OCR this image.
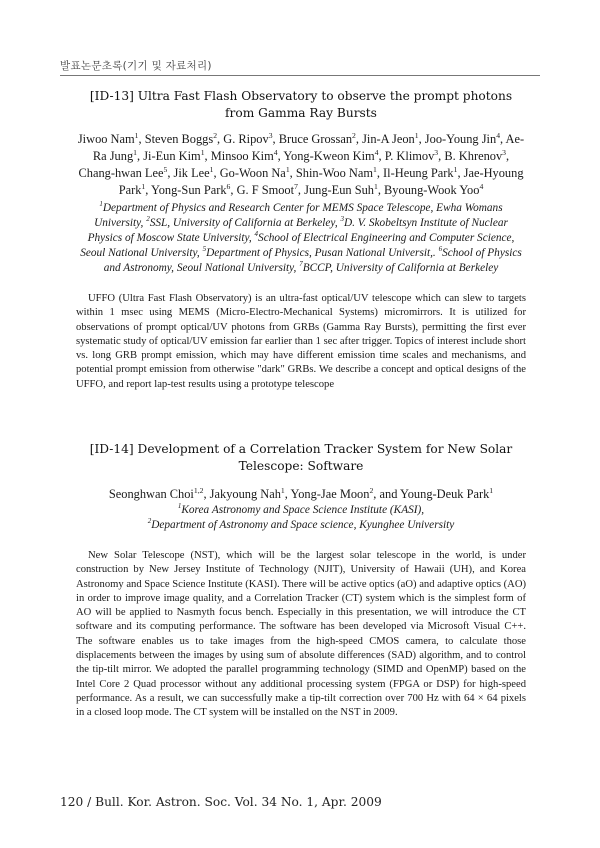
발표논문초록(기기 및 자료처리)
[ID-13] Ultra Fast Flash Observatory to observe the prompt photons from Gamma Ray Bursts

Jiwoo Nam$^1$, Steven Boggs$^2$, G. Ripov$^3$, Bruce Grossan$^2$, Jin-A Jeon$^1$, Joo-Young Jin$^4$, Ae-Ra Jung$^1$, Ji-Eun Kim$^1$, Minsoo Kim$^4$, Yong-Kweon Kim$^4$, P. Klimov$^3$, B. Khrenov$^3$, Chang-hwan Lee$^5$, Jik Lee$^1$, Go-Woon Na$^1$, Shin-Woo Nam$^1$, Il-Heung Park$^1$, Jae-Hyoung Park$^1$, Yong-Sun Park$^6$, G. F Smoot$^7$, Jung-Eun Suh$^1$, Byoung-Wook Yoo$^4$

$^1$Department of Physics and Research Center for MEMS Space Telescope, Ewha Womans University, $^2$SSL, University of California at Berkeley, $^3$D. V. Skobeltsyn Institute of Nuclear Physics of Moscow State University, $^4$School of Electrical Engineering and Computer Science, Seoul National University, $^5$Department of Physics, Pusan National Universit,. $^6$School of Physics and Astronomy, Seoul National University, $^7$BCCP, University of California at Berkeley

UFFO (Ultra Fast Flash Observatory) is an ultra-fast optical/UV telescope which can slew to targets within 1 msec using MEMS (Micro-Electro-Mechanical Systems) micromirrors. It is utilized for observations of prompt optical/UV photons from GRBs (Gamma Ray Bursts), permitting the first ever systematic study of optical/UV emission far earlier than 1 sec after trigger. Topics of interest include short vs. long GRB prompt emission, which may have different emission time scales and mechanisms, and potential prompt emission from otherwise "dark" GRBs. We describe a concept and optical designs of the UFFO, and report lap-test results using a prototype telescope

[ID-14] Development of a Correlation Tracker System for New Solar Telescope: Software

Seonghwan Choi$^{1,2}$, Jakyoung Nah$^1$, Yong-Jae Moon$^2$, and Young-Deuk Park$^1$

$^1$Korea Astronomy and Space Science Institute (KASI),
$^2$Department of Astronomy and Space science, Kyunghee University

New Solar Telescope (NST), which will be the largest solar telescope in the world, is under construction by New Jersey Institute of Technology (NJIT), University of Hawaii (UH), and Korea Astronomy and Space Science Institute (KASI). There will be active optics (aO) and adaptive optics (AO) in order to improve image quality, and a Correlation Tracker (CT) system which is the simplest form of AO will be applied to Nasmyth focus bench. Especially in this presentation, we will introduce the CT software and its computing performance. The software has been developed via Microsoft Visual C++. The software enables us to take images from the high-speed CMOS camera, to calculate those displacements between the images by using sum of absolute differences (SAD) algorithm, and to control the tip-tilt mirror. We adopted the parallel programming technology (SIMD and OpenMP) based on the Intel Core 2 Quad processor without any additional processing system (FPGA or DSP) for high-speed performance. As a result, we can successfully make a tip-tilt correction over 700 Hz with 64 × 64 pixels in a closed loop mode. The CT system will be installed on the NST in 2009.

120 / Bull. Kor. Astron. Soc. Vol. 34 No. 1, Apr. 2009
